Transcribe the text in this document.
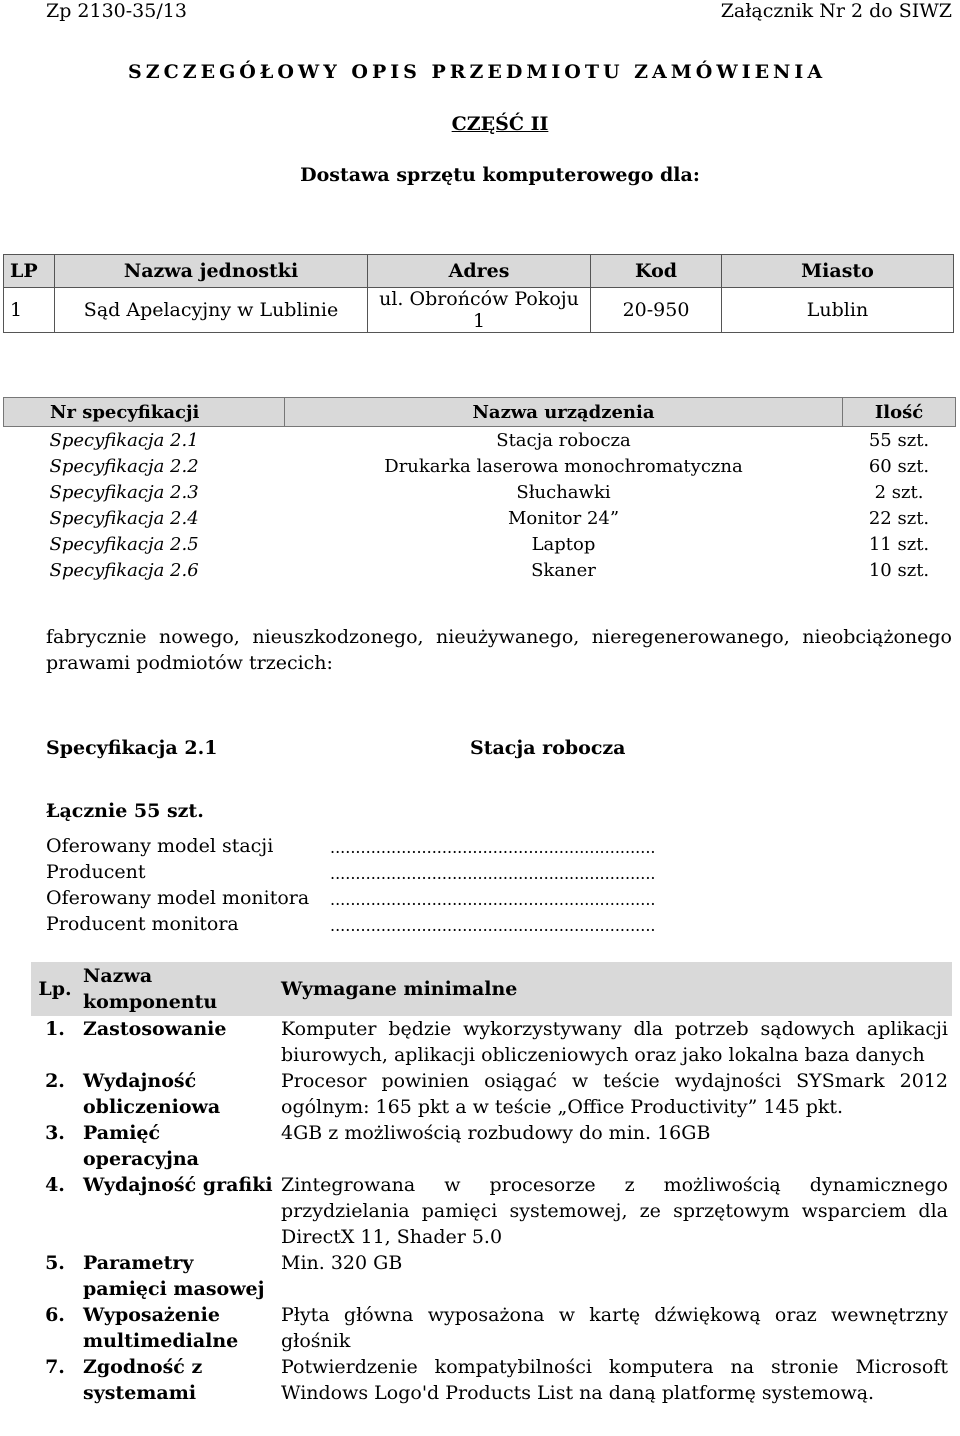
Zp 2130-35/13	Załącznik Nr 2 do SIWZ
SZCZEGÓŁOWY OPIS PRZEDMIOTU ZAMÓWIENIA
CZĘŚĆ II
Dostawa sprzętu komputerowego dla:
LP	Nazwa jednostki	Adres	Kod	Miasto
1	Sąd Apelacyjny w Lublinie	ul. Obrońców Pokoju 1	20-950	Lublin
Nr specyfikacji	Nazwa urządzenia	Ilość
Specyfikacja 2.1	Stacja robocza	55 szt.
Specyfikacja 2.2	Drukarka laserowa monochromatyczna	60 szt.
Specyfikacja 2.3	Słuchawki	2 szt.
Specyfikacja 2.4	Monitor 24”	22 szt.
Specyfikacja 2.5	Laptop	11 szt.
Specyfikacja 2.6	Skaner	10 szt.
fabrycznie nowego, nieuszkodzonego, nieużywanego, nieregenerowanego, nieobciążonego prawami podmiotów trzecich:
Specyfikacja 2.1	Stacja robocza
Łącznie 55 szt.
Oferowany model stacji	................................................................
Producent	................................................................
Oferowany model monitora ................................................................
Producent monitora	................................................................
Lp.	Nazwa komponentu	Wymagane minimalne
1.	Zastosowanie	Komputer będzie wykorzystywany dla potrzeb sądowych aplikacji biurowych, aplikacji obliczeniowych oraz jako lokalna baza danych
2.	Wydajność obliczeniowa	Procesor powinien osiągać w teście wydajności SYSmark 2012 ogólnym: 165 pkt a w teście „Office Productivity” 145 pkt.
3.	Pamięć operacyjna	4GB z możliwością rozbudowy do min. 16GB
4.	Wydajność grafiki	Zintegrowana w procesorze z możliwością dynamicznego przydzielania pamięci systemowej, ze sprzętowym wsparciem dla DirectX 11, Shader 5.0
5.	Parametry pamięci masowej	Min. 320 GB
6.	Wyposażenie multimedialne	Płyta główna wyposażona w kartę dźwiękową oraz wewnętrzny głośnik
7.	Zgodność z systemami	Potwierdzenie kompatybilności komputera na stronie Microsoft Windows Logo'd Products List na daną platformę systemową.
